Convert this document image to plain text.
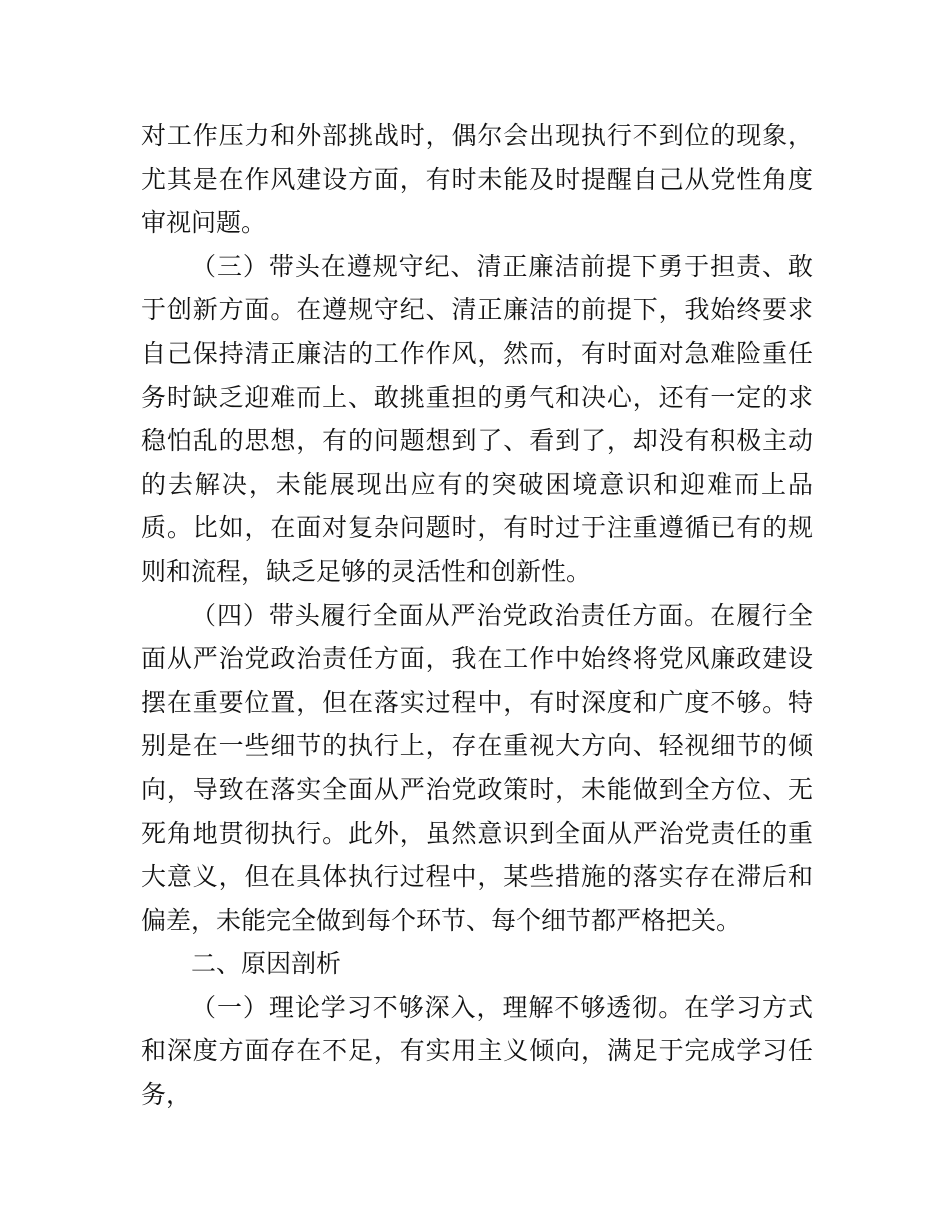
对工作压力和外部挑战时，偶尔会出现执行不到位的现象，尤其是在作风建设方面，有时未能及时提醒自己从党性角度审视问题。

（三）带头在遵规守纪、清正廉洁前提下勇于担责、敢于创新方面。在遵规守纪、清正廉洁的前提下，我始终要求自己保持清正廉洁的工作作风，然而，有时面对急难险重任务时缺乏迎难而上、敢挑重担的勇气和决心，还有一定的求稳怕乱的思想，有的问题想到了、看到了，却没有积极主动的去解决，未能展现出应有的突破困境意识和迎难而上品质。比如，在面对复杂问题时，有时过于注重遵循已有的规则和流程，缺乏足够的灵活性和创新性。

（四）带头履行全面从严治党政治责任方面。在履行全面从严治党政治责任方面，我在工作中始终将党风廉政建设摆在重要位置，但在落实过程中，有时深度和广度不够。特别是在一些细节的执行上，存在重视大方向、轻视细节的倾向，导致在落实全面从严治党政策时，未能做到全方位、无死角地贯彻执行。此外，虽然意识到全面从严治党责任的重大意义，但在具体执行过程中，某些措施的落实存在滞后和偏差，未能完全做到每个环节、每个细节都严格把关。

二、原因剖析

（一）理论学习不够深入，理解不够透彻。在学习方式和深度方面存在不足，有实用主义倾向，满足于完成学习任务，
